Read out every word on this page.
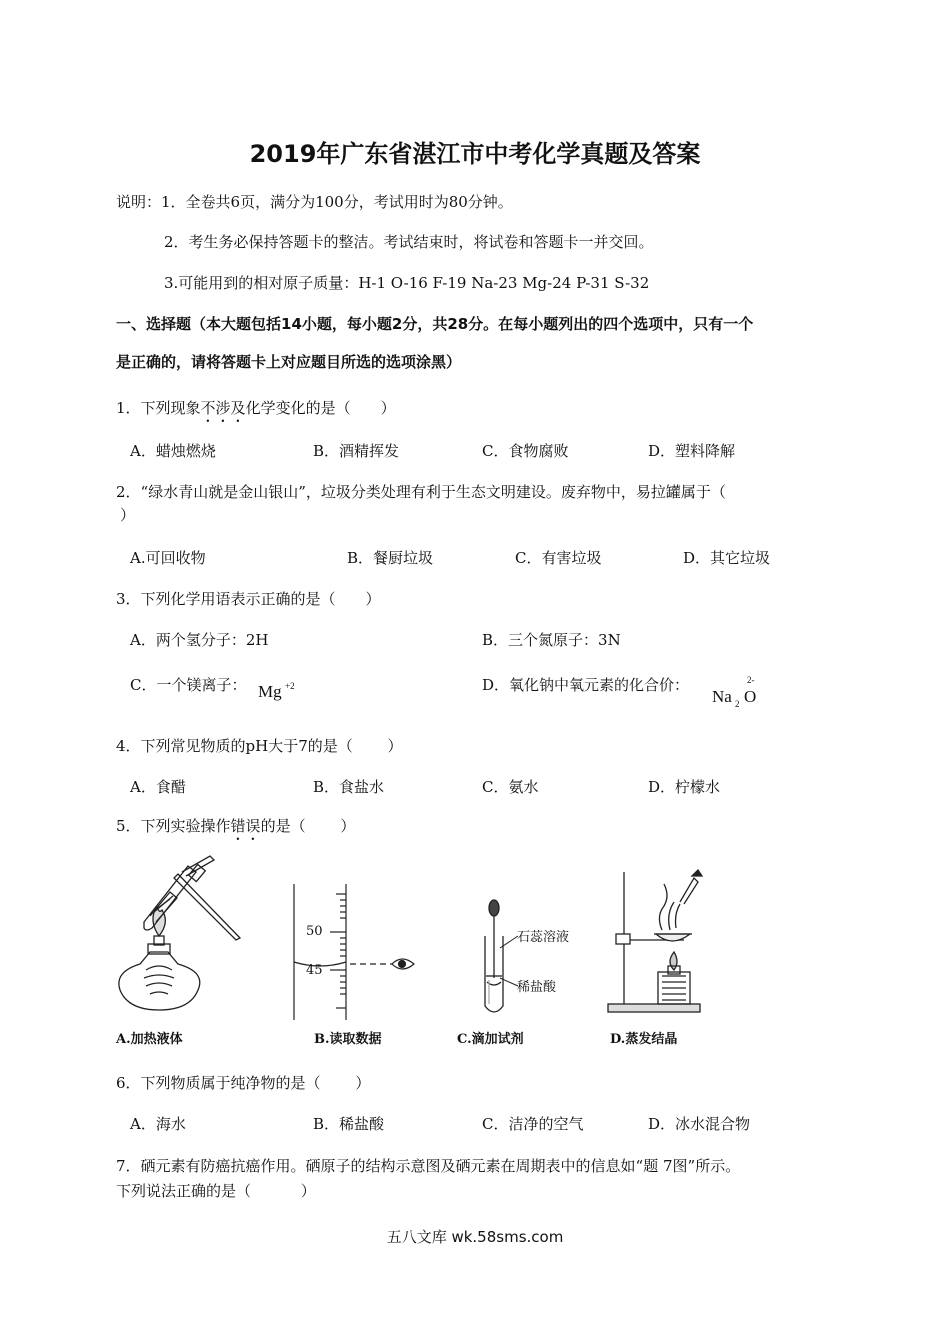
2019年广东省湛江市中考化学真题及答案
说明：1．全卷共6页，满分为100分，考试用时为80分钟。
2．考生务必保持答题卡的整洁。考试结束时，将试卷和答题卡一并交回。
3.可能用到的相对原子质量：H-1 O-16 F-19 Na-23 Mg-24 P-31 S-32
一、选择题（本大题包括14小题，每小题2分，共28分。在每小题列出的四个选项中，只有一个
是正确的，请将答题卡上对应题目所选的选项涂黑）
1．下列现象不涉及化学变化的是（　　）
A．蜡烛燃烧	B．酒精挥发	C．食物腐败	D．塑料降解
2．“绿水青山就是金山银山”，垃圾分类处理有利于生态文明建设。废弃物中，易拉罐属于（
）
A.可回收物	B．餐厨垃圾	C．有害垃圾	D．其它垃圾
3．下列化学用语表示正确的是（　　）
A．两个氢分子：2H	B．三个氮原子：3N
C．一个镁离子： Mg +2	D．氧化钠中氧元素的化合价：
Na 2 O
2-
4．下列常见物质的pH大于7的是（　　 ）
A．食醋	B．食盐水	C．氨水	D．柠檬水
5．下列实验操作错误的是（　　 ）
A.加热液体
50
45
B.读取数据
石蕊溶液
稀盐酸
C.滴加试剂	D.蒸发结晶
6．下列物质属于纯净物的是（　　 ）
A．海水	B．稀盐酸	C．洁净的空气	D．冰水混合物
7．硒元素有防癌抗癌作用。硒原子的结构示意图及硒元素在周期表中的信息如“题 7图”所示。
下列说法正确的是（　　 　）
五八文库 wk.58sms.com
